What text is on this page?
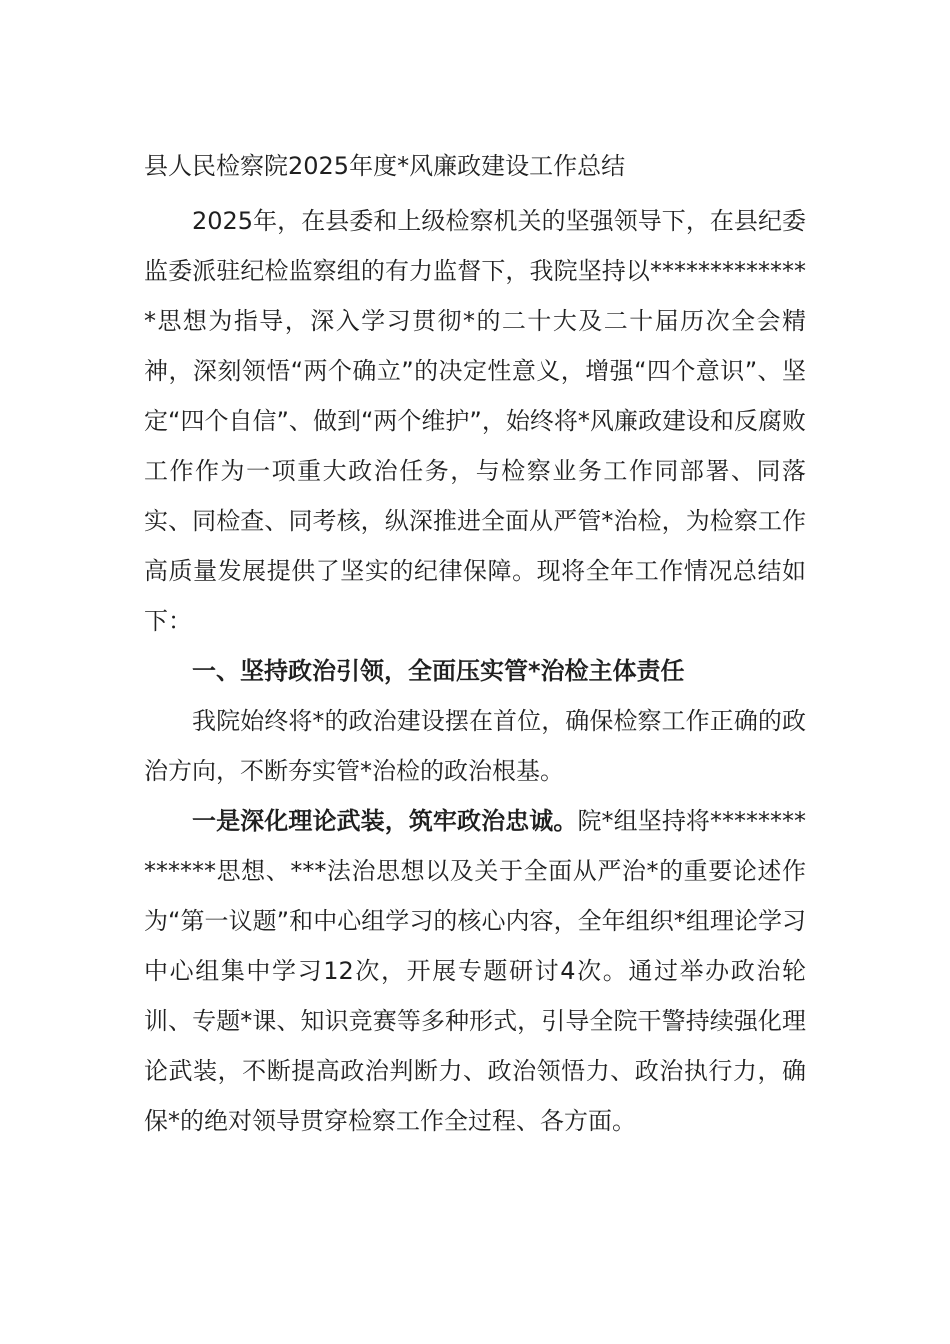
县人民检察院2025年度*风廉政建设工作总结

2025年，在县委和上级检察机关的坚强领导下，在县纪委监委派驻纪检监察组的有力监督下，我院坚持以**************思想为指导，深入学习贯彻*的二十大及二十届历次全会精神，深刻领悟“两个确立”的决定性意义，增强“四个意识”、坚定“四个自信”、做到“两个维护”，始终将*风廉政建设和反腐败工作作为一项重大政治任务，与检察业务工作同部署、同落实、同检查、同考核，纵深推进全面从严管*治检，为检察工作高质量发展提供了坚实的纪律保障。现将全年工作情况总结如下：

一、坚持政治引领，全面压实管*治检主体责任

我院始终将*的政治建设摆在首位，确保检察工作正确的政治方向，不断夯实管*治检的政治根基。

一是深化理论武装，筑牢政治忠诚。院*组坚持将**************思想、***法治思想以及关于全面从严治*的重要论述作为“第一议题”和中心组学习的核心内容，全年组织*组理论学习中心组集中学习12次，开展专题研讨4次。通过举办政治轮训、专题*课、知识竞赛等多种形式，引导全院干警持续强化理论武装，不断提高政治判断力、政治领悟力、政治执行力，确保*的绝对领导贯穿检察工作全过程、各方面。
